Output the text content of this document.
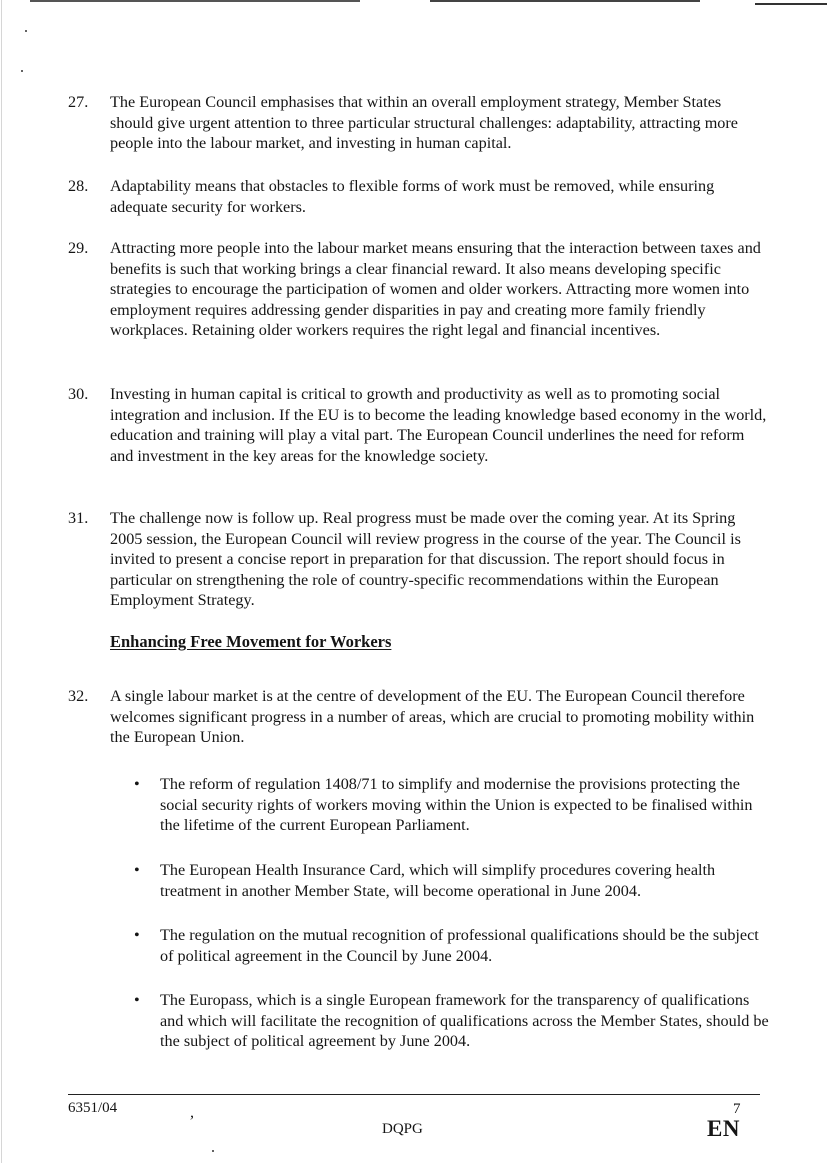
27. The European Council emphasises that within an overall employment strategy, Member States should give urgent attention to three particular structural challenges: adaptability, attracting more people into the labour market, and investing in human capital.
28. Adaptability means that obstacles to flexible forms of work must be removed, while ensuring adequate security for workers.
29. Attracting more people into the labour market means ensuring that the interaction between taxes and benefits is such that working brings a clear financial reward. It also means developing specific strategies to encourage the participation of women and older workers. Attracting more women into employment requires addressing gender disparities in pay and creating more family friendly workplaces. Retaining older workers requires the right legal and financial incentives.
30. Investing in human capital is critical to growth and productivity as well as to promoting social integration and inclusion. If the EU is to become the leading knowledge based economy in the world, education and training will play a vital part. The European Council underlines the need for reform and investment in the key areas for the knowledge society.
31. The challenge now is follow up. Real progress must be made over the coming year. At its Spring 2005 session, the European Council will review progress in the course of the year. The Council is invited to present a concise report in preparation for that discussion. The report should focus in particular on strengthening the role of country-specific recommendations within the European Employment Strategy.
Enhancing Free Movement for Workers
32. A single labour market is at the centre of development of the EU. The European Council therefore welcomes significant progress in a number of areas, which are crucial to promoting mobility within the European Union.
• The reform of regulation 1408/71 to simplify and modernise the provisions protecting the social security rights of workers moving within the Union is expected to be finalised within the lifetime of the current European Parliament.
• The European Health Insurance Card, which will simplify procedures covering health treatment in another Member State, will become operational in June 2004.
• The regulation on the mutual recognition of professional qualifications should be the subject of political agreement in the Council by June 2004.
• The Europass, which is a single European framework for the transparency of qualifications and which will facilitate the recognition of qualifications across the Member States, should be the subject of political agreement by June 2004.
6351/04	,
DQPG
7
EN
